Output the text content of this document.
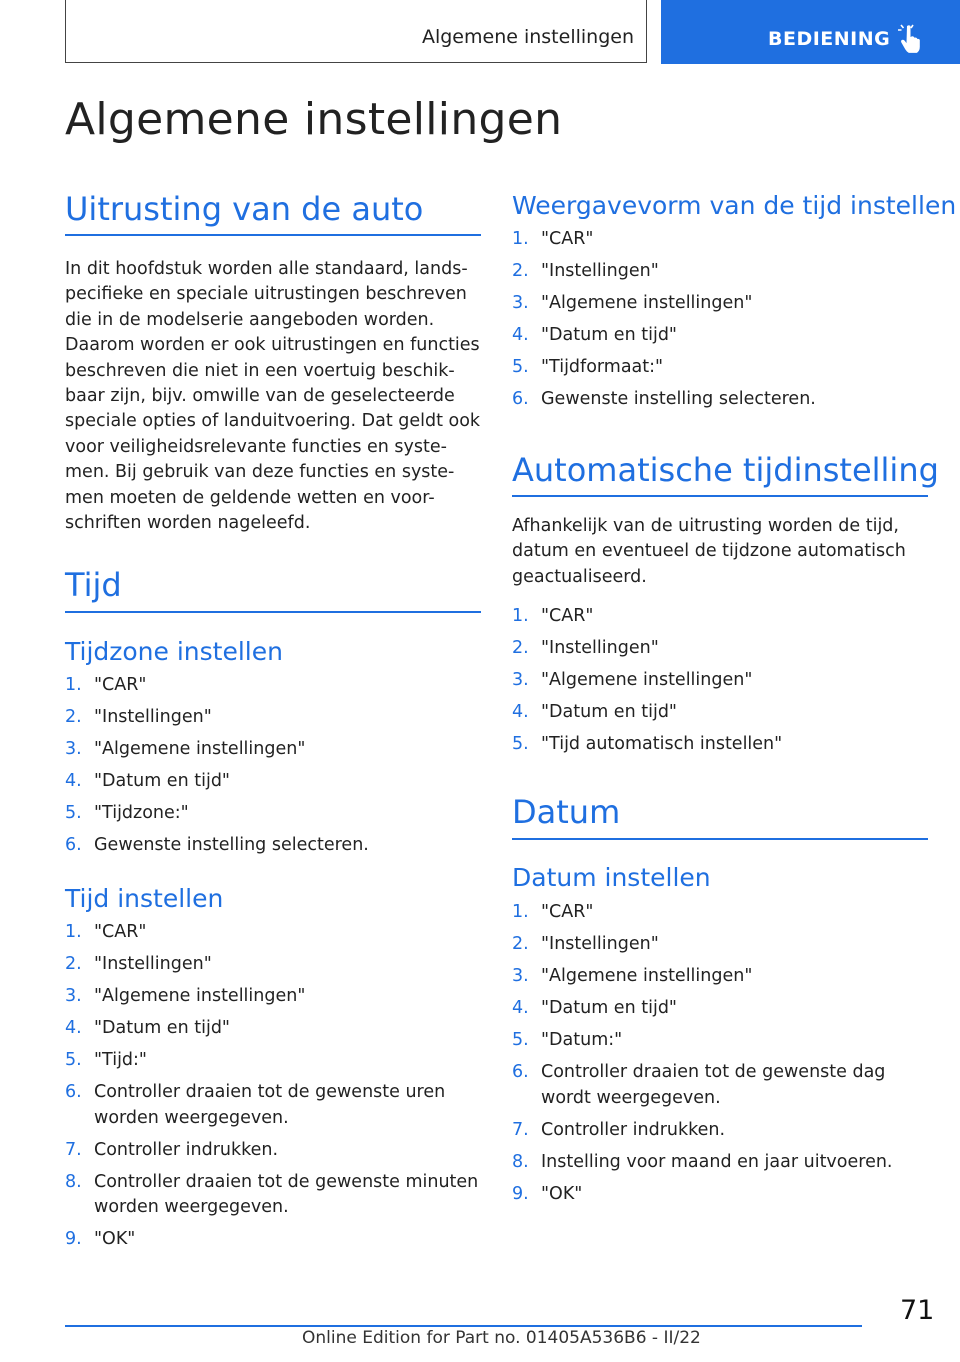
Algemene instellingen	BEDIENING
Algemene instellingen
Uitrusting van de auto
In dit hoofdstuk worden alle standaard, lands-
pecifieke en speciale uitrustingen beschreven
die in de modelserie aangeboden worden.
Daarom worden er ook uitrustingen en functies
beschreven die niet in een voertuig beschik-
baar zijn, bijv. omwille van de geselecteerde
speciale opties of landuitvoering. Dat geldt ook
voor veiligheidsrelevante functies en syste-
men. Bij gebruik van deze functies en syste-
men moeten de geldende wetten en voor-
schriften worden nageleefd.
Tijd
Tijdzone instellen
1. "CAR"
2. "Instellingen"
3. "Algemene instellingen"
4. "Datum en tijd"
5. "Tijdzone:"
6. Gewenste instelling selecteren.
Tijd instellen
1. "CAR"
2. "Instellingen"
3. "Algemene instellingen"
4. "Datum en tijd"
5. "Tijd:"
6. Controller draaien tot de gewenste uren worden weergegeven.
7. Controller indrukken.
8. Controller draaien tot de gewenste minuten worden weergegeven.
9. "OK"
Weergavevorm van de tijd instellen
1. "CAR"
2. "Instellingen"
3. "Algemene instellingen"
4. "Datum en tijd"
5. "Tijdformaat:"
6. Gewenste instelling selecteren.
Automatische tijdinstelling
Afhankelijk van de uitrusting worden de tijd,
datum en eventueel de tijdzone automatisch
geactualiseerd.
1. "CAR"
2. "Instellingen"
3. "Algemene instellingen"
4. "Datum en tijd"
5. "Tijd automatisch instellen"
Datum
Datum instellen
1. "CAR"
2. "Instellingen"
3. "Algemene instellingen"
4. "Datum en tijd"
5. "Datum:"
6. Controller draaien tot de gewenste dag wordt weergegeven.
7. Controller indrukken.
8. Instelling voor maand en jaar uitvoeren.
9. "OK"
71
Online Edition for Part no. 01405A536B6 - II/22
